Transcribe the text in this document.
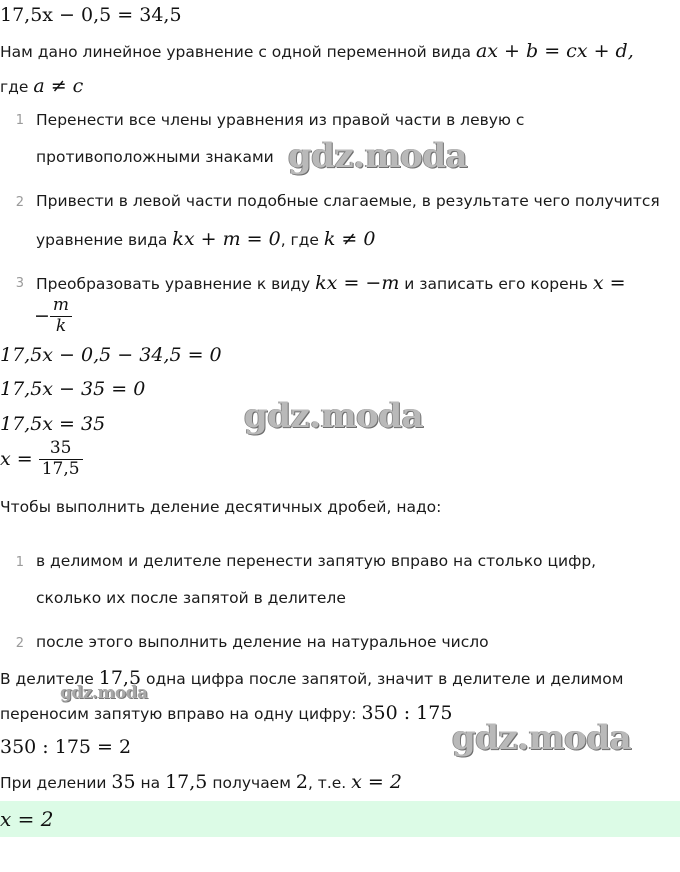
17,5x − 0,5 = 34,5
Нам дано линейное уравнение с одной переменной вида ax + b = cx + d,
где a ≠ c
1 Перенести все члены уравнения из правой части в левую с
противоположными знаками
2 Привести в левой части подобные слагаемые, в результате чего получится
уравнение вида kx + m = 0, где k ≠ 0
3 Преобразовать уравнение к виду kx = −m и записать его корень x =
− $\frac{m}{k}$
17,5x − 0,5 − 34,5 = 0
17,5x − 35 = 0
17,5x = 35
$x = \frac{35}{17,5}$
Чтобы выполнить деление десятичных дробей, надо:
1 в делимом и делителе перенести запятую вправо на столько цифр,
сколько их после запятой в делителе
2 после этого выполнить деление на натуральное число
В делителе 17,5 одна цифра после запятой, значит в делителе и делимом
переносим запятую вправо на одну цифру: 350 : 175
350 : 175 = 2
При делении 35 на 17,5 получаем 2, т.е. x = 2
x = 2
gdz.moda
gdz.moda
gdz.moda
gdz.moda
